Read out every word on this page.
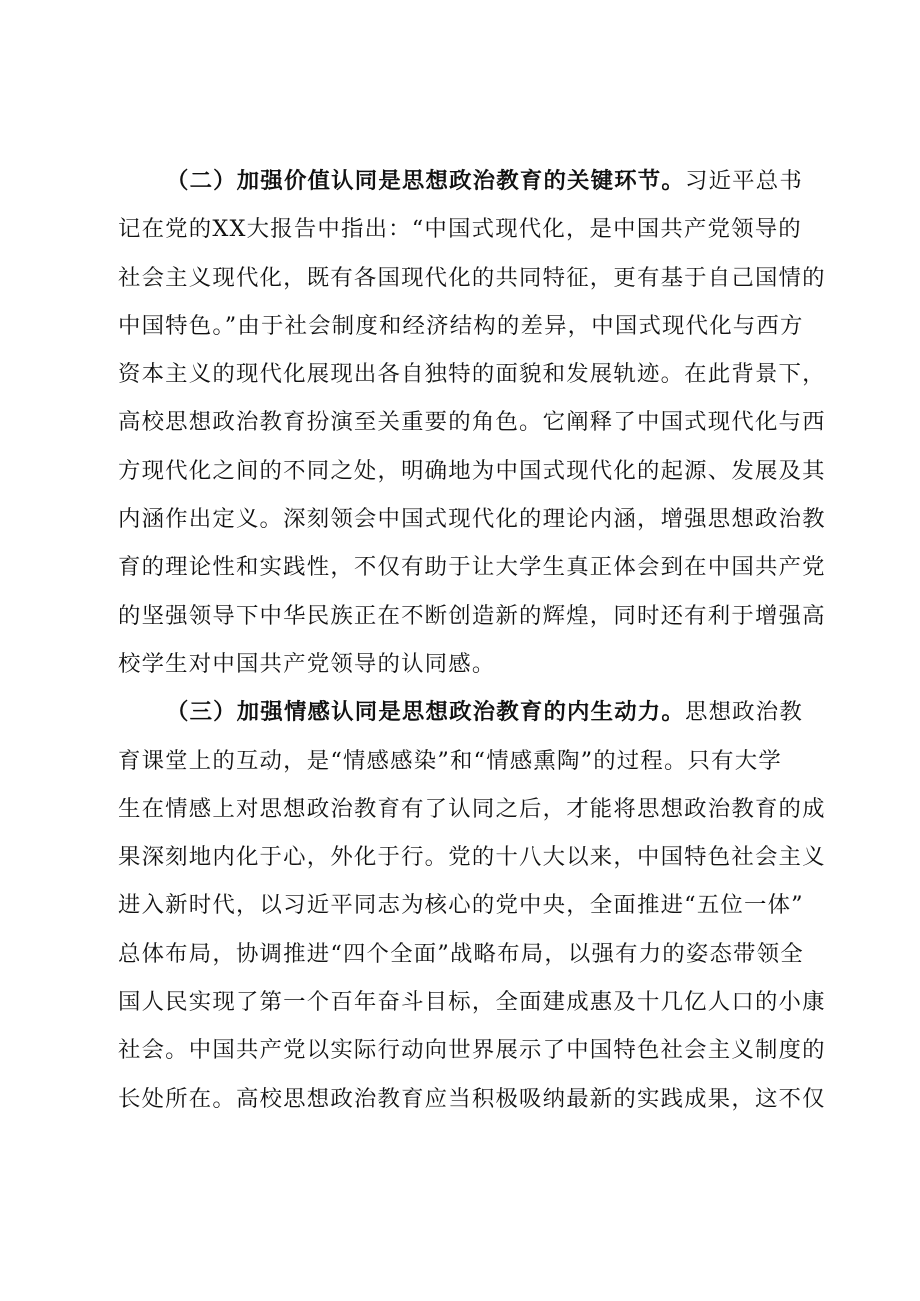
（二）加强价值认同是思想政治教育的关键环节。习近平总书
记在党的XX大报告中指出：“中国式现代化，是中国共产党领导的
社会主义现代化，既有各国现代化的共同特征，更有基于自己国情的
中国特色。”由于社会制度和经济结构的差异，中国式现代化与西方
资本主义的现代化展现出各自独特的面貌和发展轨迹。在此背景下，
高校思想政治教育扮演至关重要的角色。它阐释了中国式现代化与西
方现代化之间的不同之处，明确地为中国式现代化的起源、发展及其
内涵作出定义。深刻领会中国式现代化的理论内涵，增强思想政治教
育的理论性和实践性，不仅有助于让大学生真正体会到在中国共产党
的坚强领导下中华民族正在不断创造新的辉煌，同时还有利于增强高
校学生对中国共产党领导的认同感。
（三）加强情感认同是思想政治教育的内生动力。思想政治教
育课堂上的互动，是“情感感染”和“情感熏陶”的过程。只有大学
生在情感上对思想政治教育有了认同之后，才能将思想政治教育的成
果深刻地内化于心，外化于行。党的十八大以来，中国特色社会主义
进入新时代，以习近平同志为核心的党中央，全面推进“五位一体”
总体布局，协调推进“四个全面”战略布局，以强有力的姿态带领全
国人民实现了第一个百年奋斗目标，全面建成惠及十几亿人口的小康
社会。中国共产党以实际行动向世界展示了中国特色社会主义制度的
长处所在。高校思想政治教育应当积极吸纳最新的实践成果，这不仅
